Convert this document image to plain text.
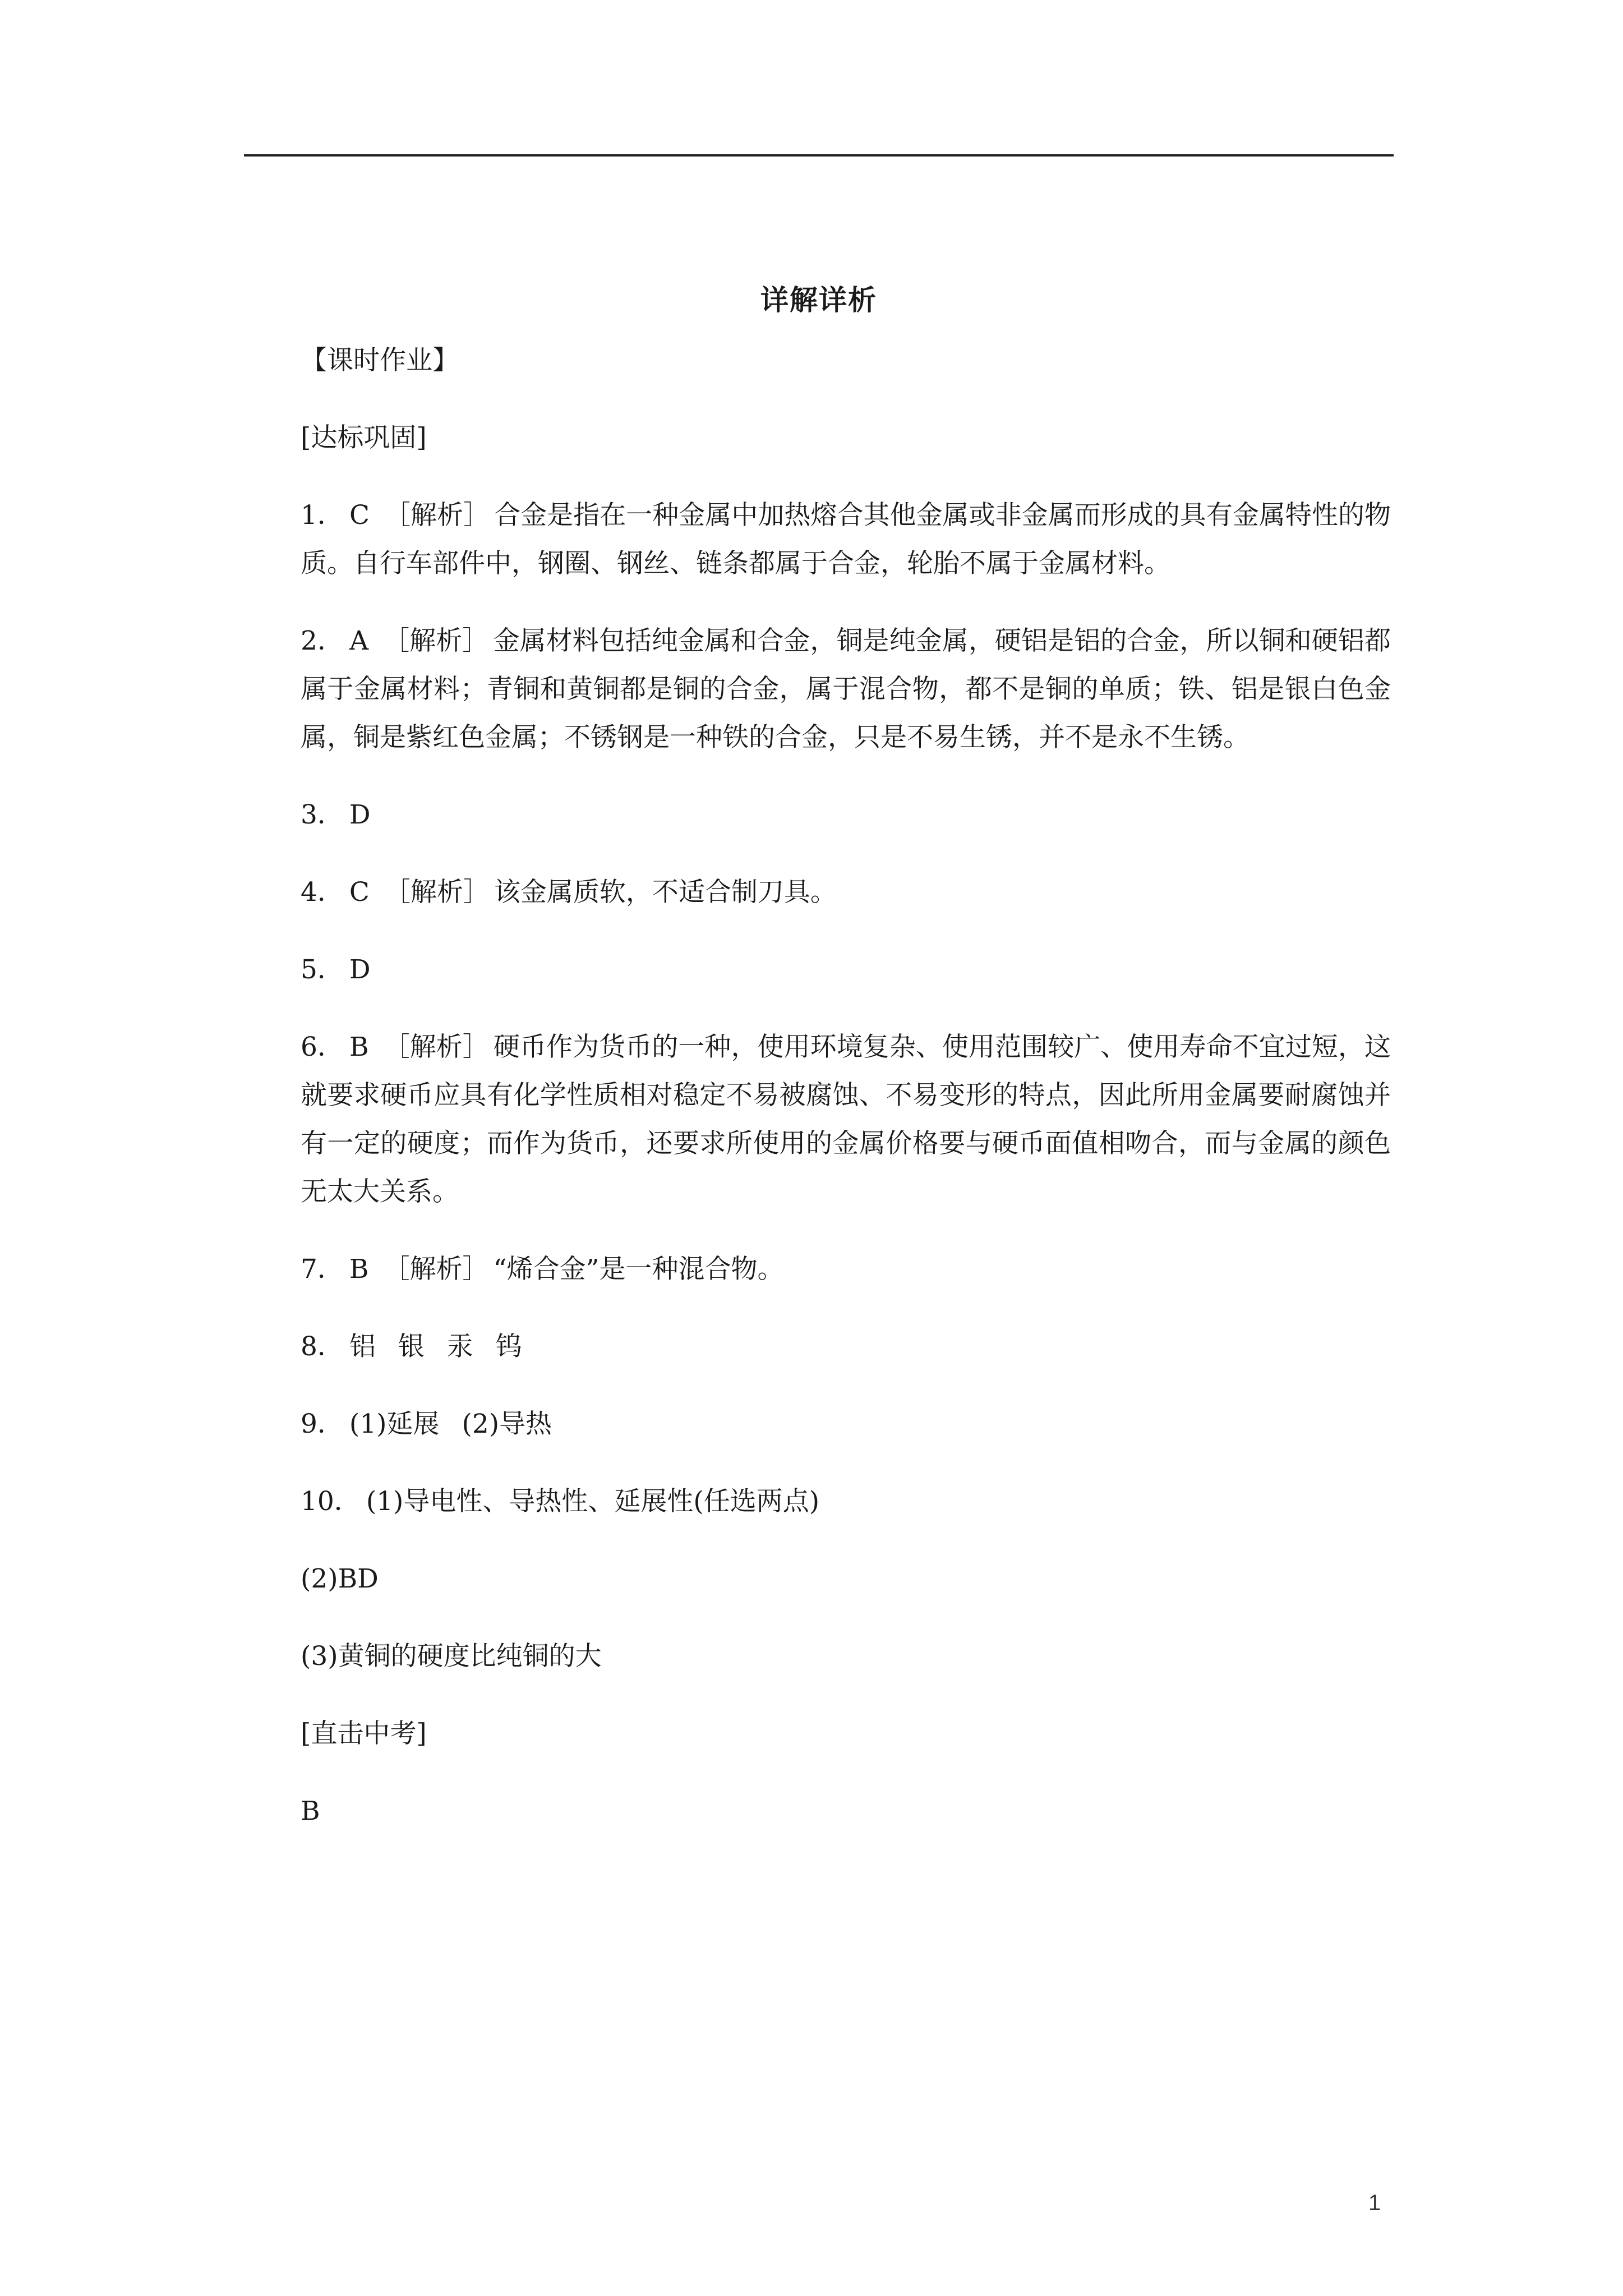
详解详析

【课时作业】

[达标巩固]

1． C ［解析］ 合金是指在一种金属中加热熔合其他金属或非金属而形成的具有金属特性的物质。自行车部件中，钢圈、钢丝、链条都属于合金，轮胎不属于金属材料。

2． A ［解析］ 金属材料包括纯金属和合金，铜是纯金属，硬铝是铝的合金，所以铜和硬铝都属于金属材料；青铜和黄铜都是铜的合金，属于混合物，都不是铜的单质；铁、铝是银白色金属，铜是紫红色金属；不锈钢是一种铁的合金，只是不易生锈，并不是永不生锈。

3． D

4． C ［解析］ 该金属质软，不适合制刀具。

5． D

6． B ［解析］ 硬币作为货币的一种，使用环境复杂、使用范围较广、使用寿命不宜过短，这就要求硬币应具有化学性质相对稳定不易被腐蚀、不易变形的特点，因此所用金属要耐腐蚀并有一定的硬度；而作为货币，还要求所使用的金属价格要与硬币面值相吻合，而与金属的颜色无太大关系。

7． B ［解析］ “烯合金”是一种混合物。

8． 铝 银 汞 钨

9． (1)延展 (2)导热

10． (1)导电性、导热性、延展性(任选两点)

(2)BD

(3)黄铜的硬度比纯铜的大

[直击中考]

B

1
